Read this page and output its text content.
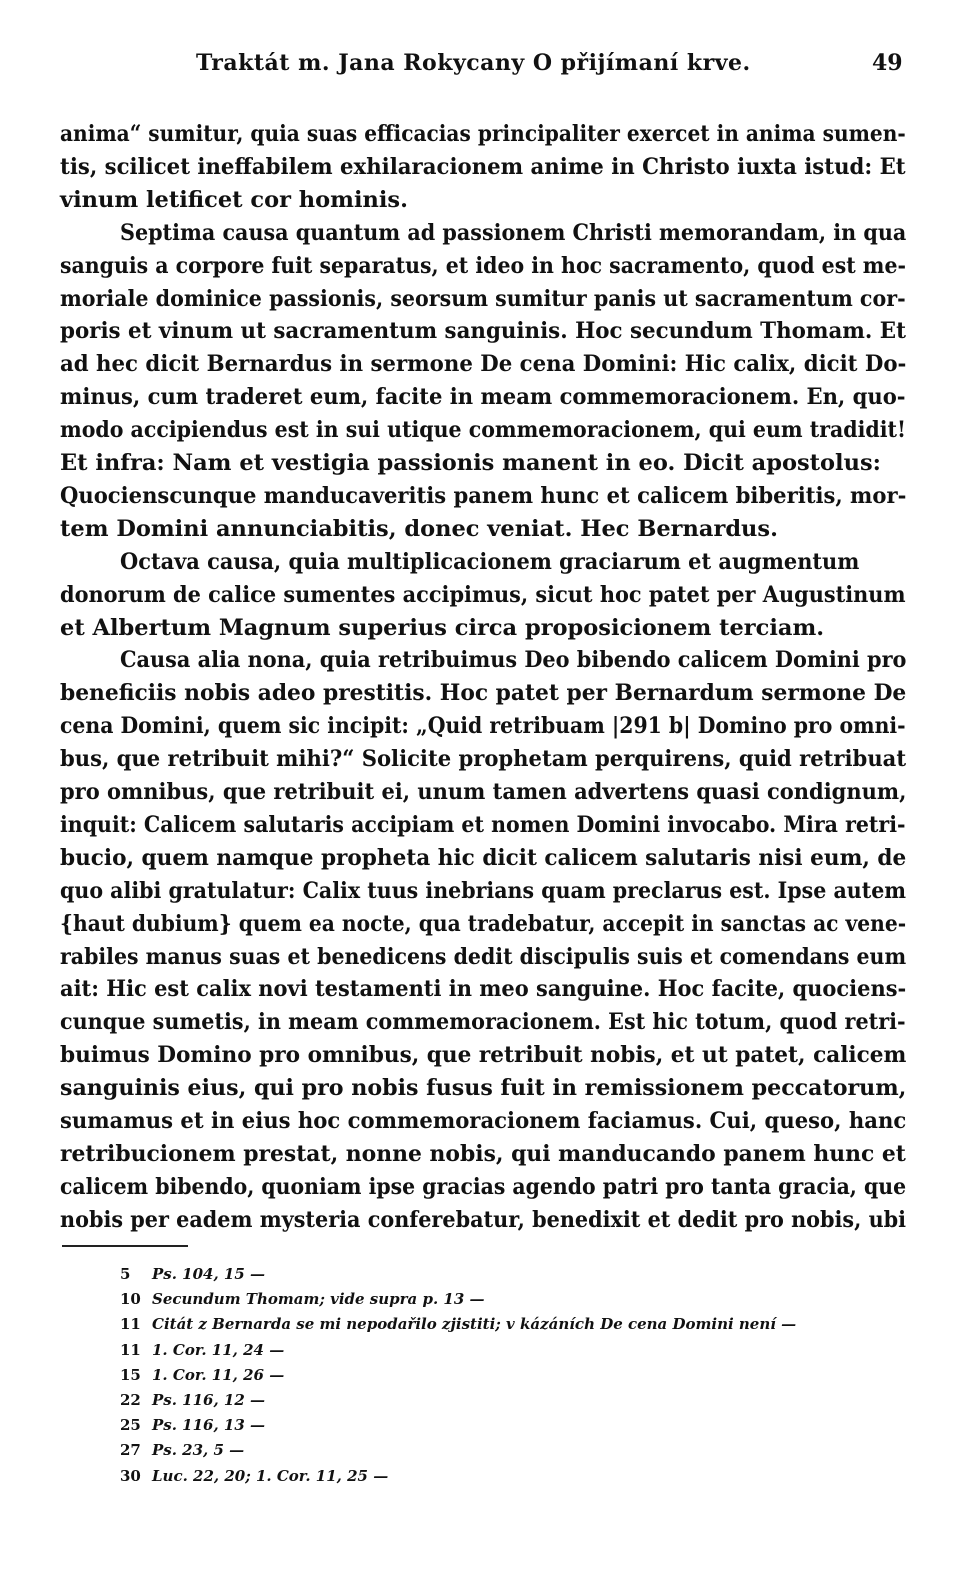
Traktát m. Jana Rokycany O přijímaní krve.	49
anima“ sumitur, quia suas efficacias principaliter exercet in anima sumen-
tis, scilicet ineffabilem exhilaracionem anime in Christo iuxta istud: Et
vinum letificet cor hominis.
Septima causa quantum ad passionem Christi memorandam, in qua
sanguis a corpore fuit separatus, et ideo in hoc sacramento, quod est me-
moriale dominice passionis, seorsum sumitur panis ut sacramentum cor-
poris et vinum ut sacramentum sanguinis. Hoc secundum Thomam. Et
ad hec dicit Bernardus in sermone De cena Domini: Hic calix, dicit Do-
minus, cum traderet eum, facite in meam commemoracionem. En, quo-
modo accipiendus est in sui utique commemoracionem, qui eum tradidit!
Et infra: Nam et vestigia passionis manent in eo. Dicit apostolus:
Quocienscunque manducaveritis panem hunc et calicem biberitis, mor-
tem Domini annunciabitis, donec veniat. Hec Bernardus.
Octava causa, quia multiplicacionem graciarum et augmentum
donorum de calice sumentes accipimus, sicut hoc patet per Augustinum
et Albertum Magnum superius circa proposicionem terciam.
Causa alia nona, quia retribuimus Deo bibendo calicem Domini pro
beneficiis nobis adeo prestitis. Hoc patet per Bernardum sermone De
cena Domini, quem sic incipit: „Quid retribuam |291 b| Domino pro omni-
bus, que retribuit mihi?“ Solicite prophetam perquirens, quid retribuat
pro omnibus, que retribuit ei, unum tamen advertens quasi condignum,
inquit: Calicem salutaris accipiam et nomen Domini invocabo. Mira retri-
bucio, quem namque propheta hic dicit calicem salutaris nisi eum, de
quo alibi gratulatur: Calix tuus inebrians quam preclarus est. Ipse autem
{haut dubium} quem ea nocte, qua tradebatur, accepit in sanctas ac vene-
rabiles manus suas et benedicens dedit discipulis suis et comendans eum
ait: Hic est calix novi testamenti in meo sanguine. Hoc facite, quociens-
cunque sumetis, in meam commemoracionem. Est hic totum, quod retri-
buimus Domino pro omnibus, que retribuit nobis, et ut patet, calicem
sanguinis eius, qui pro nobis fusus fuit in remissionem peccatorum,
sumamus et in eius hoc commemoracionem faciamus. Cui, queso, hanc
retribucionem prestat, nonne nobis, qui manducando panem hunc et
calicem bibendo, quoniam ipse gracias agendo patri pro tanta gracia, que
nobis per eadem mysteria conferebatur, benedixit et dedit pro nobis, ubi
5 Ps. 104, 15 —
10 Secundum Thomam; vide supra p. 13 —
11 Citát z Bernarda se mi nepodařilo zjistiti; v kázáních De cena Domini není —
11 1. Cor. 11, 24 —
15 1. Cor. 11, 26 —
22 Ps. 116, 12 —
25 Ps. 116, 13 —
27 Ps. 23, 5 —
30 Luc. 22, 20; 1. Cor. 11, 25 —
